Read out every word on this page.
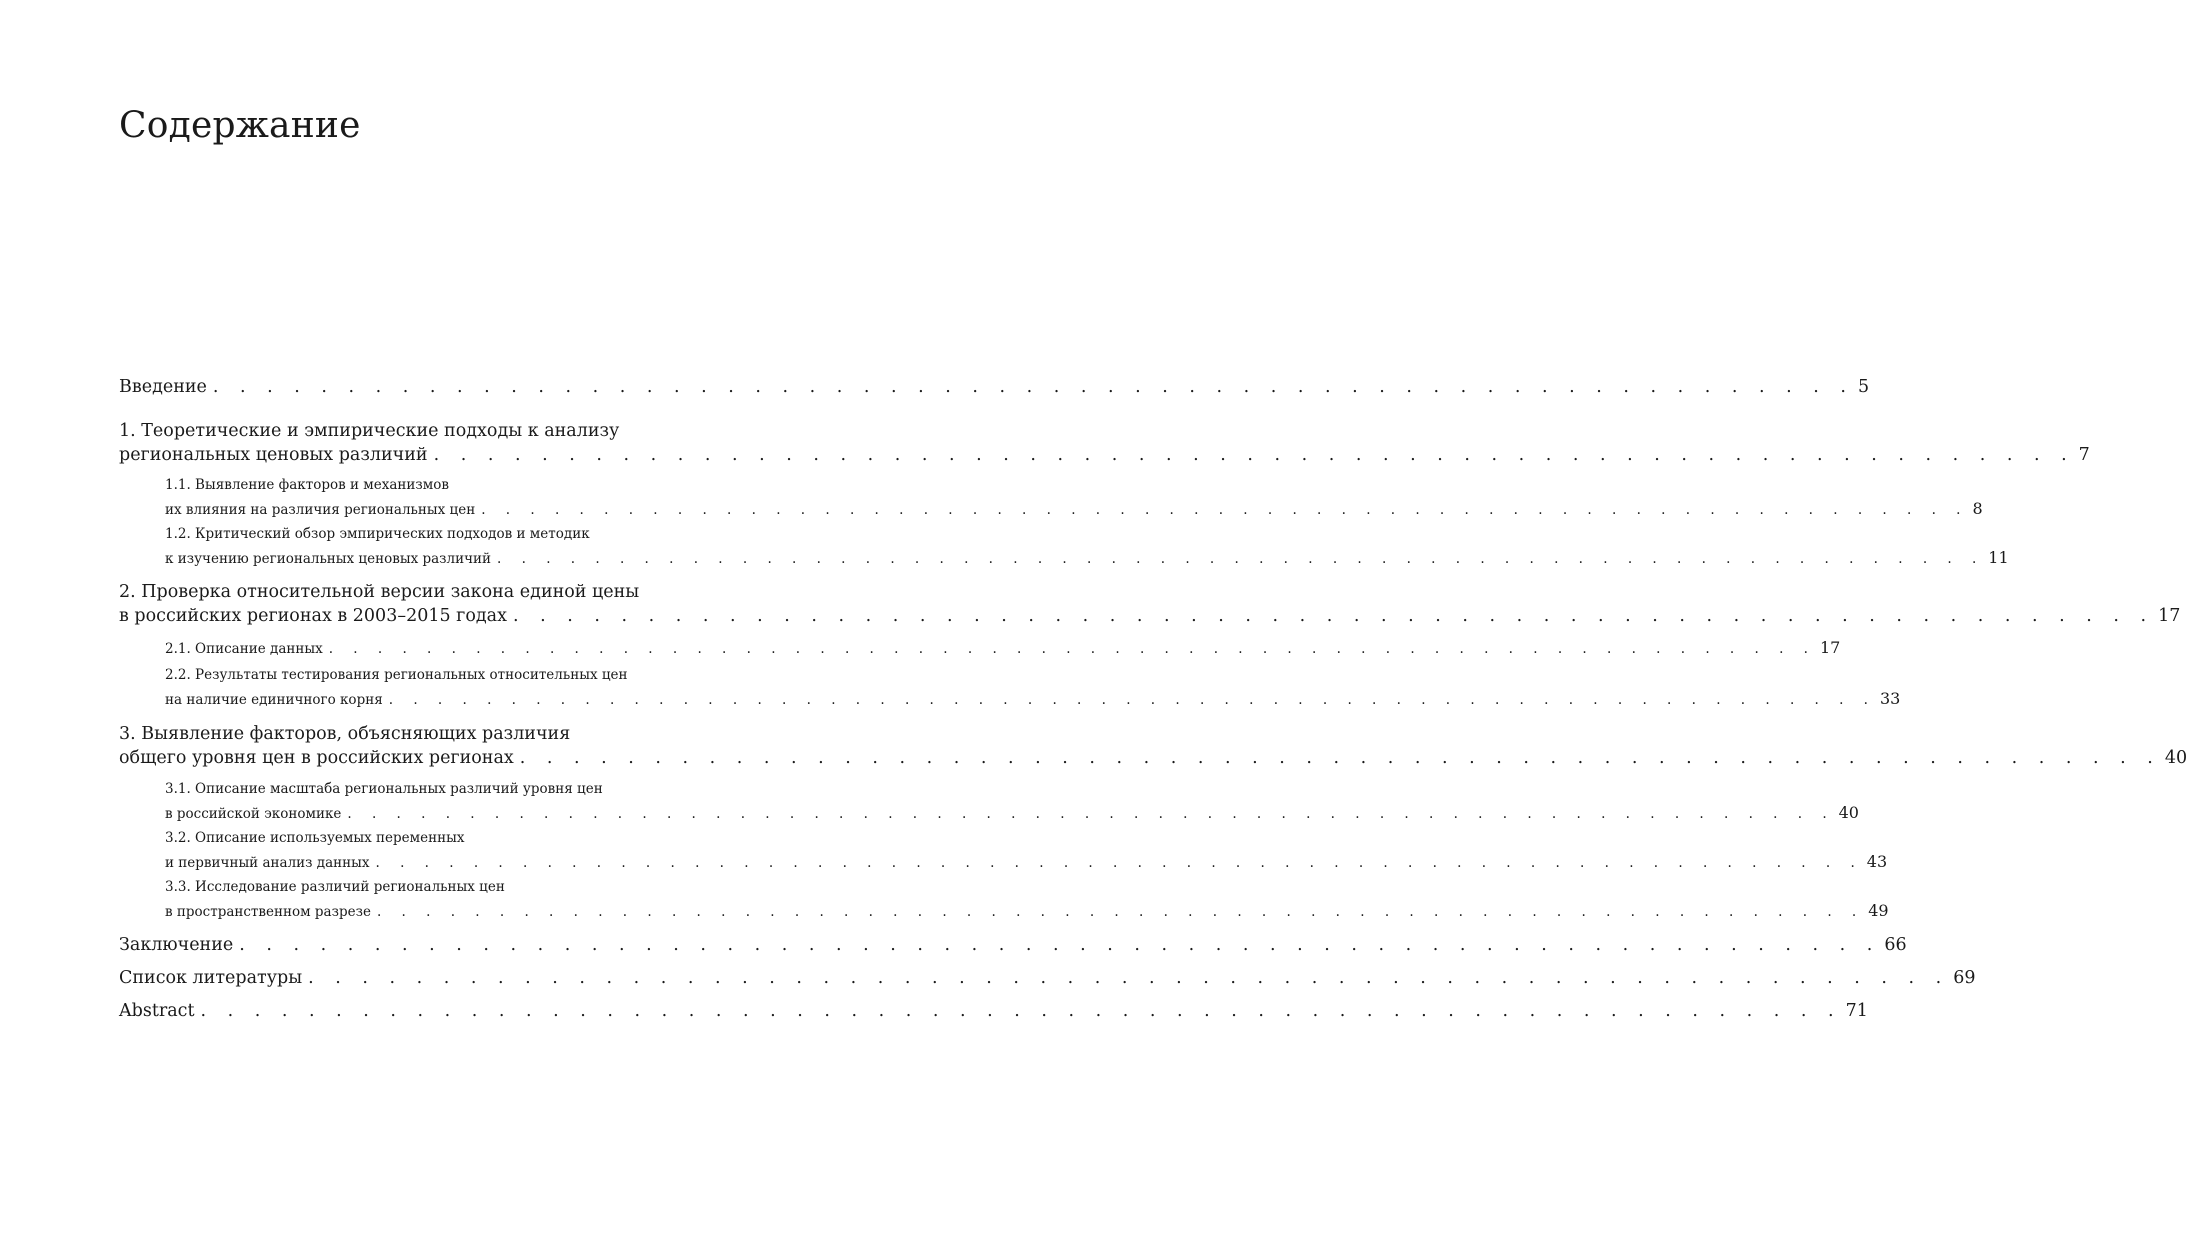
Содержание
Введение . . . . . . . . . . . . . . . . . . . . . . . . . . . . . . . . . . . . . . . . . . . . . . . . . . . . . . . . . . . . . 5
1. Теоретические и эмпирические подходы к анализу
региональных ценовых различий . . . . . . . . . . . . . . . . . . . . . . . . . . . . . . . . . . . . . . . . . . . . . . . . . . . . . . . . . . . . . 7
1.1. Выявление факторов и механизмов
их влияния на различия региональных цен . . . . . . . . . . . . . . . . . . . . . . . . . . . . . . . . . . . . . . . . . . . . . . . . . . . . . . . . . . . . . 8
1.2. Критический обзор эмпирических подходов и методик
к изучению региональных ценовых различий . . . . . . . . . . . . . . . . . . . . . . . . . . . . . . . . . . . . . . . . . . . . . . . . . . . . . . . . . . . . . 11
2. Проверка относительной версии закона единой цены
в российских регионах в 2003–2015 годах . . . . . . . . . . . . . . . . . . . . . . . . . . . . . . . . . . . . . . . . . . . . . . . . . . . . . . . . . . . . . 17
2.1. Описание данных . . . . . . . . . . . . . . . . . . . . . . . . . . . . . . . . . . . . . . . . . . . . . . . . . . . . . . . . . . . . . 17
2.2. Результаты тестирования региональных относительных цен
на наличие единичного корня . . . . . . . . . . . . . . . . . . . . . . . . . . . . . . . . . . . . . . . . . . . . . . . . . . . . . . . . . . . . . 33
3. Выявление факторов, объясняющих различия
общего уровня цен в российских регионах . . . . . . . . . . . . . . . . . . . . . . . . . . . . . . . . . . . . . . . . . . . . . . . . . . . . . . . . . . . . . 40
3.1. Описание масштаба региональных различий уровня цен
в российской экономике . . . . . . . . . . . . . . . . . . . . . . . . . . . . . . . . . . . . . . . . . . . . . . . . . . . . . . . . . . . . . 40
3.2. Описание используемых переменных
и первичный анализ данных . . . . . . . . . . . . . . . . . . . . . . . . . . . . . . . . . . . . . . . . . . . . . . . . . . . . . . . . . . . . . 43
3.3. Исследование различий региональных цен
в пространственном разрезе . . . . . . . . . . . . . . . . . . . . . . . . . . . . . . . . . . . . . . . . . . . . . . . . . . . . . . . . . . . . . 49
Заключение . . . . . . . . . . . . . . . . . . . . . . . . . . . . . . . . . . . . . . . . . . . . . . . . . . . . . . . . . . . . . 66
Список литературы . . . . . . . . . . . . . . . . . . . . . . . . . . . . . . . . . . . . . . . . . . . . . . . . . . . . . . . . . . . . . 69
Abstract . . . . . . . . . . . . . . . . . . . . . . . . . . . . . . . . . . . . . . . . . . . . . . . . . . . . . . . . . . . . . 71
